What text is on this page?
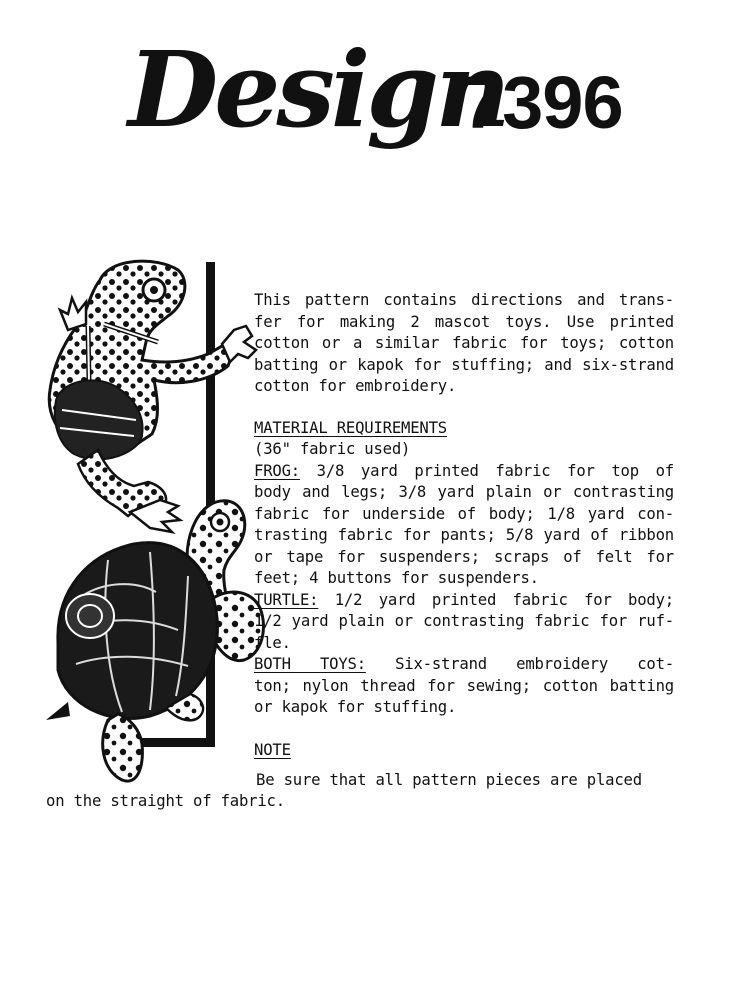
Design
7396

This pattern contains directions and trans-

fer for making 2 mascot toys. Use printed

cotton or a similar fabric for toys; cotton

batting or kapok for stuffing; and six-strand

cotton for embroidery.

MATERIAL REQUIREMENTS

(36" fabric used)

FROG: 3/8 yard printed fabric for top of

body and legs; 3/8 yard plain or contrasting

fabric for underside of body; 1/8 yard con-

trasting fabric for pants; 5/8 yard of ribbon

or tape for suspenders; scraps of felt for

feet; 4 buttons for suspenders.

TURTLE: 1/2 yard printed fabric for body;

1/2 yard plain or contrasting fabric for ruf-

fle.

BOTH TOYS: Six-strand embroidery cot-

ton; nylon thread for sewing; cotton batting

or kapok for stuffing.

NOTE

Be sure that all pattern pieces are placed

on the straight of fabric.
